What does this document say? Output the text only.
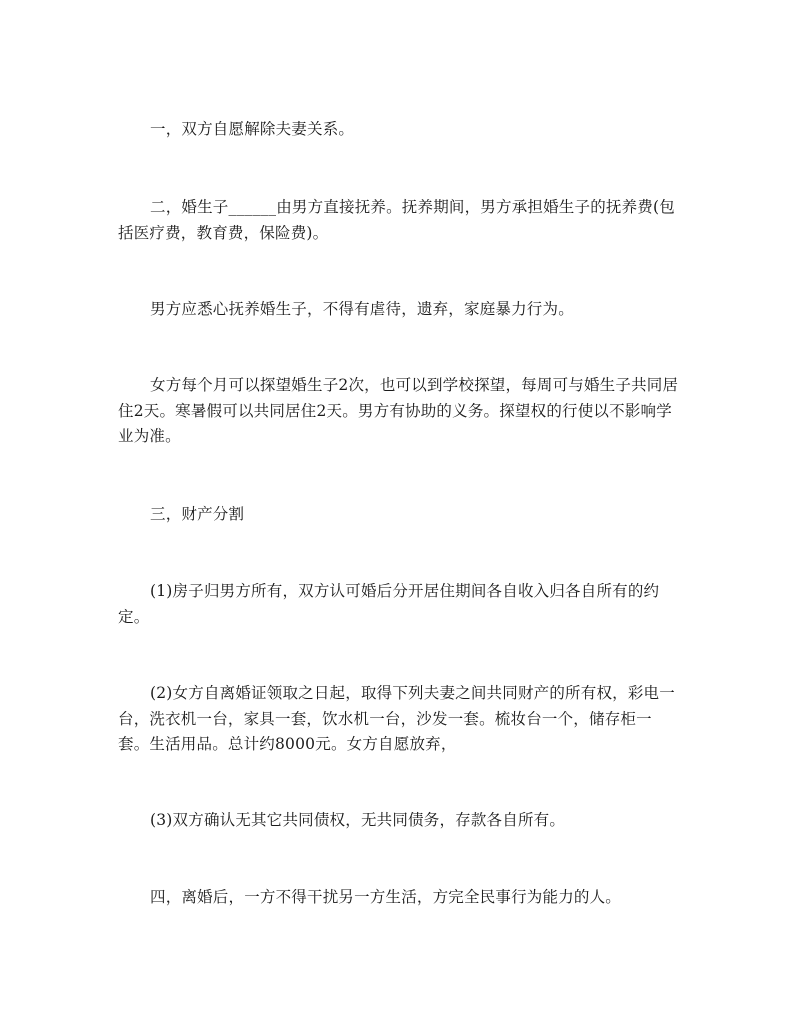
一，双方自愿解除夫妻关系。

二，婚生子______由男方直接抚养。抚养期间，男方承担婚生子的抚养费(包括医疗费，教育费，保险费)。

男方应悉心抚养婚生子，不得有虐待，遗弃，家庭暴力行为。

女方每个月可以探望婚生子2次，也可以到学校探望，每周可与婚生子共同居住2天。寒暑假可以共同居住2天。男方有协助的义务。探望权的行使以不影响学业为准。

三，财产分割

(1)房子归男方所有，双方认可婚后分开居住期间各自收入归各自所有的约定。

(2)女方自离婚证领取之日起，取得下列夫妻之间共同财产的所有权，彩电一台，洗衣机一台，家具一套，饮水机一台，沙发一套。梳妆台一个，储存柜一套。生活用品。总计约8000元。女方自愿放弃，

(3)双方确认无其它共同债权，无共同债务，存款各自所有。

四，离婚后，一方不得干扰另一方生活，方完全民事行为能力的人。
